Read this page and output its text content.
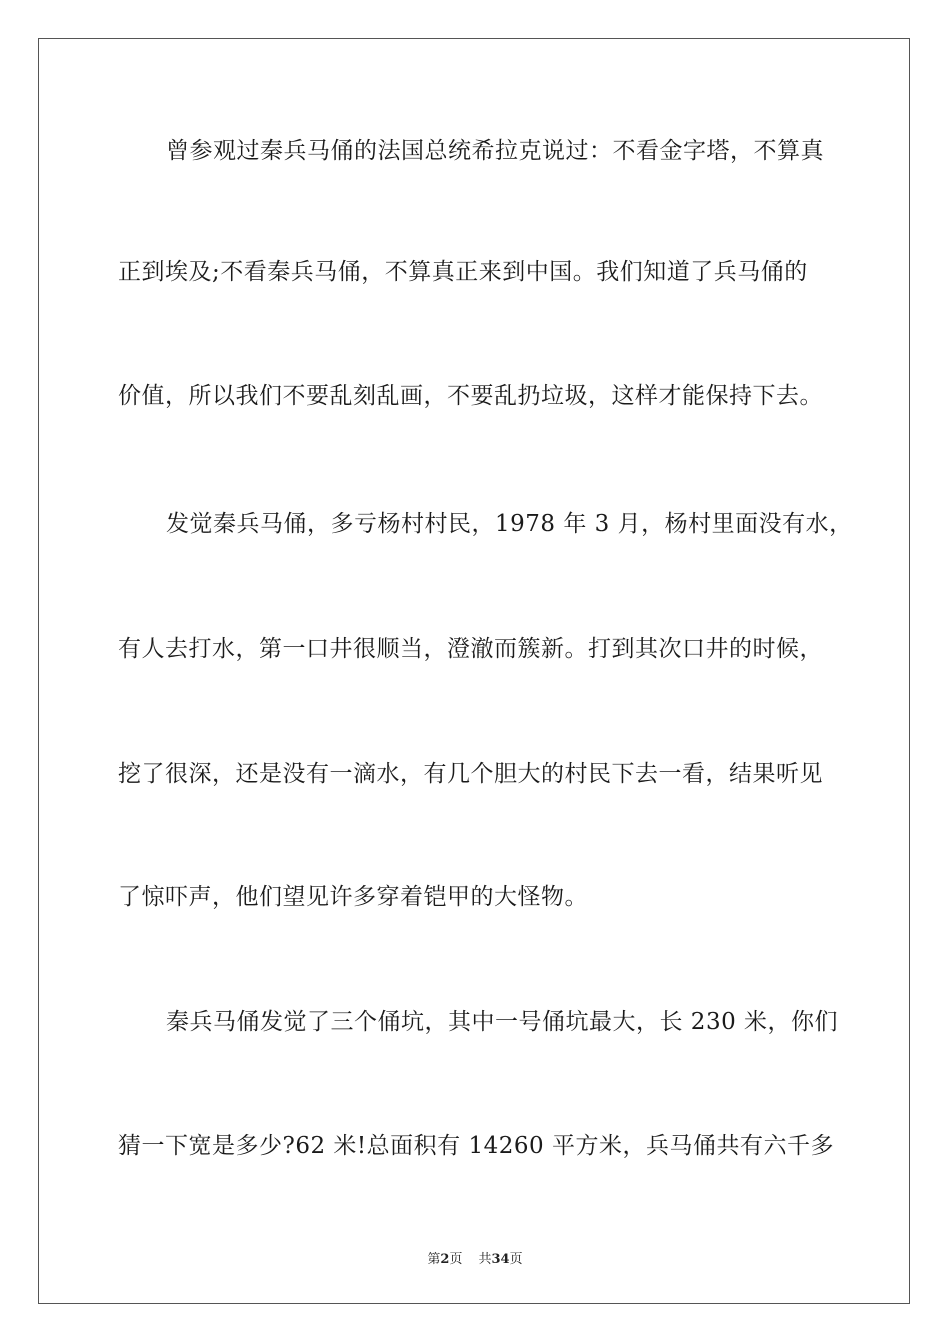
曾参观过秦兵马俑的法国总统希拉克说过：不看金字塔，不算真
正到埃及;不看秦兵马俑，不算真正来到中国。我们知道了兵马俑的
价值，所以我们不要乱刻乱画，不要乱扔垃圾，这样才能保持下去。
发觉秦兵马俑，多亏杨村村民，1978 年 3 月，杨村里面没有水，
有人去打水，第一口井很顺当，澄澈而簇新。打到其次口井的时候，
挖了很深，还是没有一滴水，有几个胆大的村民下去一看，结果听见
了惊吓声，他们望见许多穿着铠甲的大怪物。
秦兵马俑发觉了三个俑坑，其中一号俑坑最大，长 230 米，你们
猜一下宽是多少?62 米!总面积有 14260 平方米，兵马俑共有六千多
第2页 共34页
